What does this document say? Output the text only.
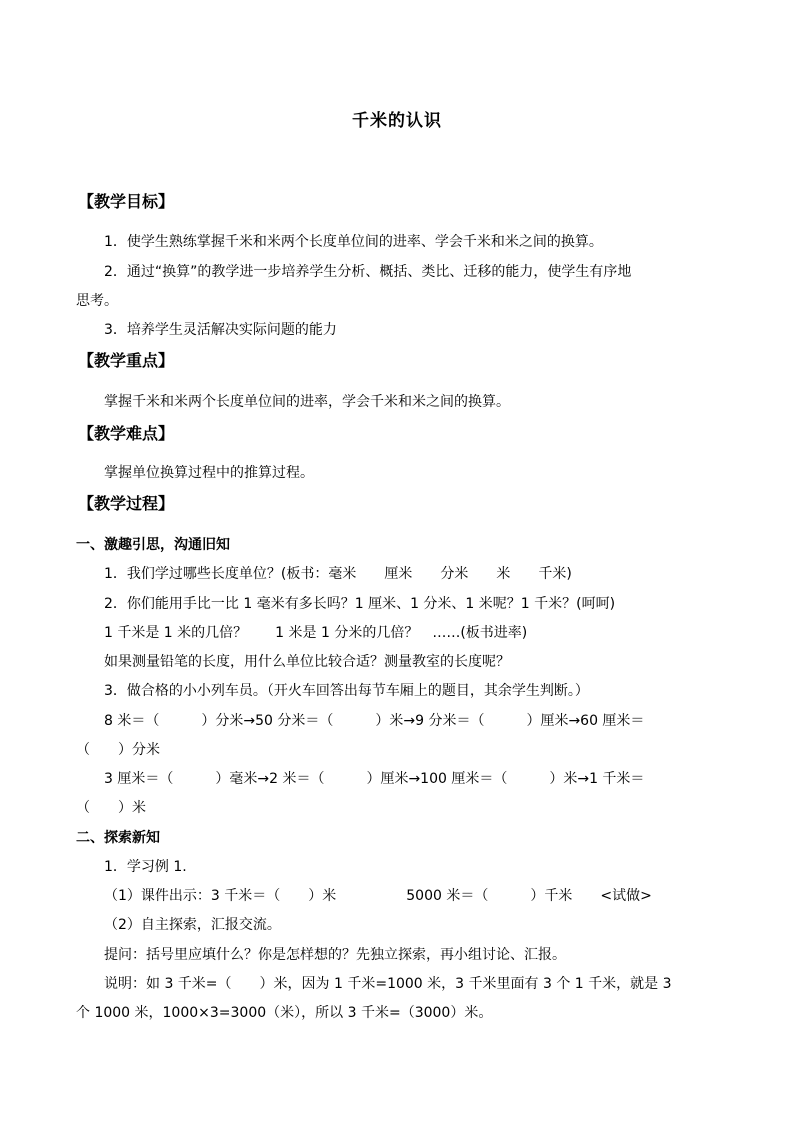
千米的认识
【教学目标】
1．使学生熟练掌握千米和米两个长度单位间的进率、学会千米和米之间的换算。
2．通过“换算”的教学进一步培养学生分析、概括、类比、迁移的能力，使学生有序地
思考。
3．培养学生灵活解决实际问题的能力
【教学重点】
掌握千米和米两个长度单位间的进率，学会千米和米之间的换算。
【教学难点】
掌握单位换算过程中的推算过程。
【教学过程】
一、激趣引思，沟通旧知
1．我们学过哪些长度单位？(板书：毫米　　厘米　　分米　　米　　千米)
2．你们能用手比一比 1 毫米有多长吗？1 厘米、1 分米、1 米呢？1 千米？(呵呵)
1 千米是 1 米的几倍？　　1 米是 1 分米的几倍？　……(板书进率)
如果测量铅笔的长度，用什么单位比较合适？测量教室的长度呢？
3．做合格的小小列车员。（开火车回答出每节车厢上的题目，其余学生判断。）
8 米＝（　　　）分米→50 分米＝（　　　）米→9 分米＝（　　　）厘米→60 厘米＝
（　　）分米
3 厘米＝（　　　）毫米→2 米＝（　　　）厘米→100 厘米＝（　　　）米→1 千米＝
（　　）米
二、探索新知
1．学习例 1.
（1）课件出示：3 千米＝（　　）米　　　　　5000 米＝（　　　）千米　　<试做>
（2）自主探索，汇报交流。
提问：括号里应填什么？你是怎样想的？先独立探索，再小组讨论、汇报。
说明：如 3 千米=（　　）米，因为 1 千米=1000 米，3 千米里面有 3 个 1 千米，就是 3
个 1000 米，1000×3=3000（米），所以 3 千米=（3000）米。
